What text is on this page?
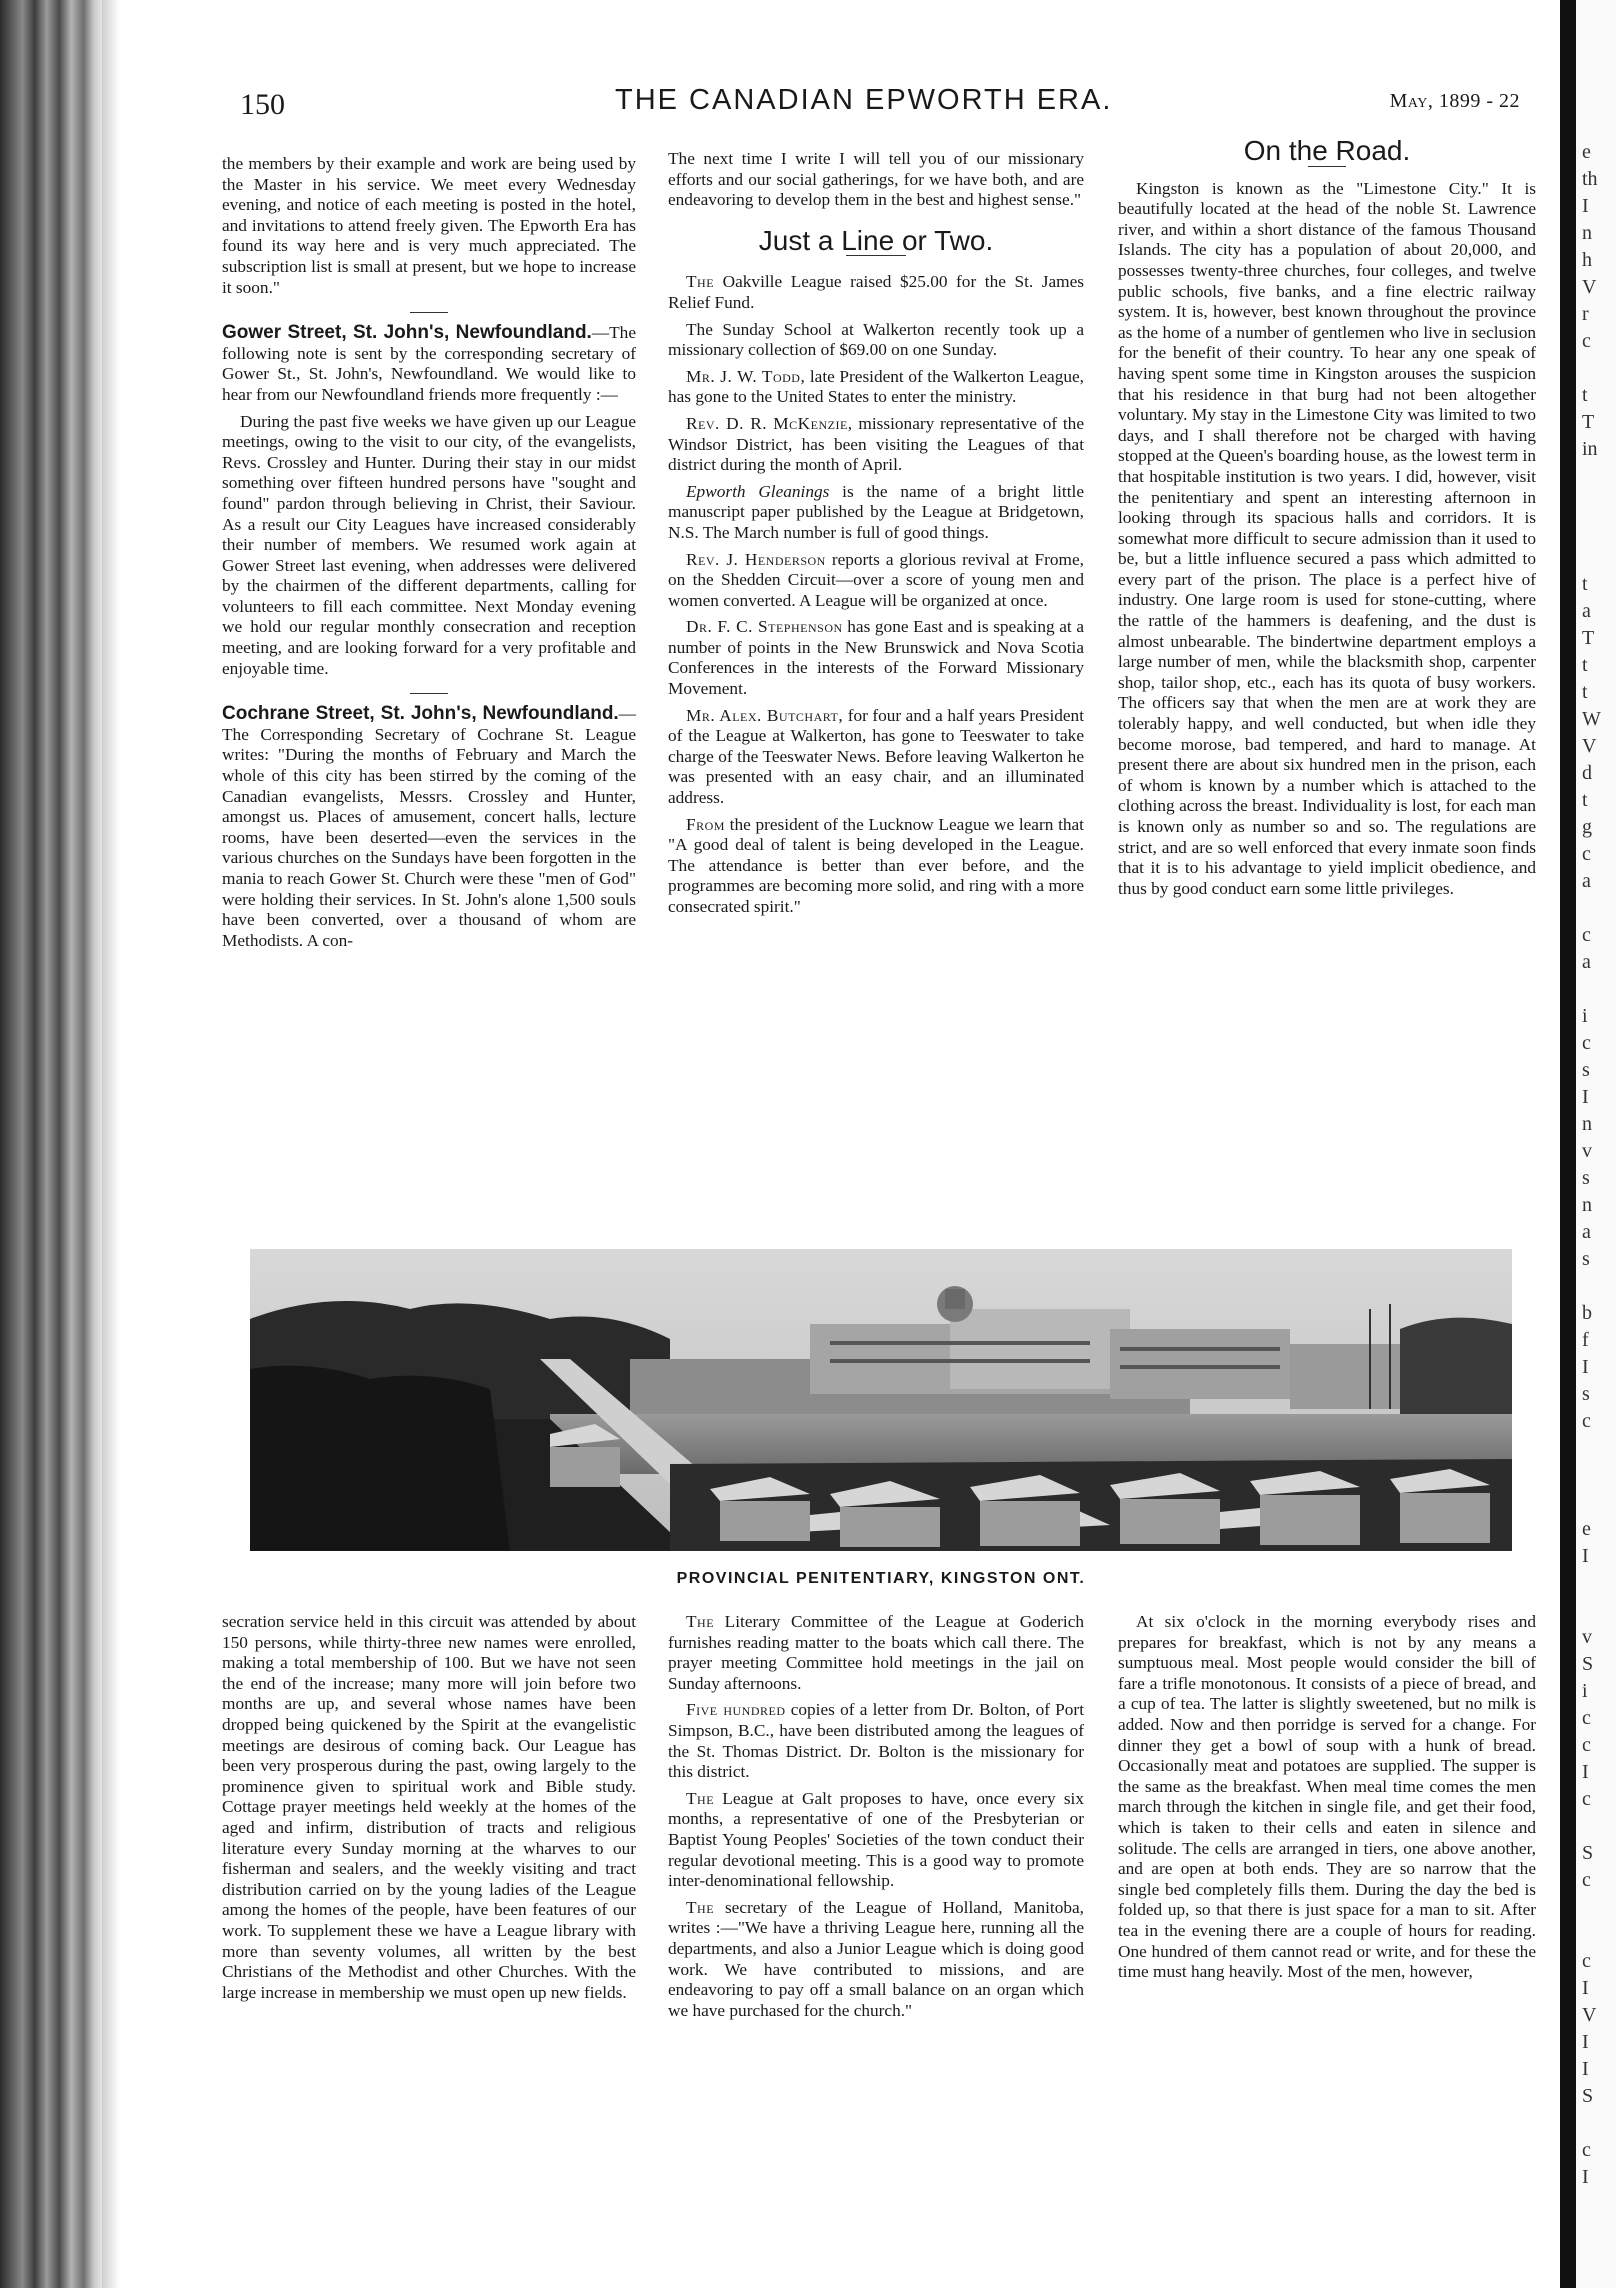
e
th
I
n
h
V
r
c
t
T
in
t
a
T
t
t
W
V
d
t
g
c
a
c
a
i
c
s
I
n
v
s
n
a
s
b
f
I
s
c
e
I
v
S
i
c
c
I
c
S
c
c
I
V
I
I
S
c
I
150	THE CANADIAN EPWORTH ERA.	May, 1899 - 22

the members by their example and work are being used by the Master in his service. We meet every Wednesday evening, and notice of each meeting is posted in the hotel, and invitations to attend freely given. The Epworth Era has found its way here and is very much appreciated. The subscription list is small at present, but we hope to increase it soon."

Gower Street, St. John's, Newfoundland.—The following note is sent by the corresponding secretary of Gower St., St. John's, Newfoundland. We would like to hear from our Newfoundland friends more frequently :—

During the past five weeks we have given up our League meetings, owing to the visit to our city, of the evangelists, Revs. Crossley and Hunter. During their stay in our midst something over fifteen hundred persons have "sought and found" pardon through believing in Christ, their Saviour. As a result our City Leagues have increased considerably their number of members. We resumed work again at Gower Street last evening, when addresses were delivered by the chairmen of the different departments, calling for volunteers to fill each committee. Next Monday evening we hold our regular monthly consecration and reception meeting, and are looking forward for a very profitable and enjoyable time.

Cochrane Street, St. John's, Newfoundland.—The Corresponding Secretary of Cochrane St. League writes: "During the months of February and March the whole of this city has been stirred by the coming of the Canadian evangelists, Messrs. Crossley and Hunter, amongst us. Places of amusement, concert halls, lecture rooms, have been deserted—even the services in the various churches on the Sundays have been forgotten in the mania to reach Gower St. Church were these "men of God" were holding their services. In St. John's alone 1,500 souls have been converted, over a thousand of whom are Methodists. A con-

The next time I write I will tell you of our missionary efforts and our social gatherings, for we have both, and are endeavoring to develop them in the best and highest sense."

Just a Line or Two.

The Oakville League raised $25.00 for the St. James Relief Fund.

The Sunday School at Walkerton recently took up a missionary collection of $69.00 on one Sunday.

Mr. J. W. Todd, late President of the Walkerton League, has gone to the United States to enter the ministry.

Rev. D. R. McKenzie, missionary representative of the Windsor District, has been visiting the Leagues of that district during the month of April.

Epworth Gleanings is the name of a bright little manuscript paper published by the League at Bridgetown, N.S. The March number is full of good things.

Rev. J. Henderson reports a glorious revival at Frome, on the Shedden Circuit—over a score of young men and women converted. A League will be organized at once.

Dr. F. C. Stephenson has gone East and is speaking at a number of points in the New Brunswick and Nova Scotia Conferences in the interests of the Forward Missionary Movement.

Mr. Alex. Butchart, for four and a half years President of the League at Walkerton, has gone to Teeswater to take charge of the Teeswater News. Before leaving Walkerton he was presented with an easy chair, and an illuminated address.

From the president of the Lucknow League we learn that "A good deal of talent is being developed in the League. The attendance is better than ever before, and the programmes are becoming more solid, and ring with a more consecrated spirit."

On the Road.

Kingston is known as the "Limestone City." It is beautifully located at the head of the noble St. Lawrence river, and within a short distance of the famous Thousand Islands. The city has a population of about 20,000, and possesses twenty-three churches, four colleges, and twelve public schools, five banks, and a fine electric railway system. It is, however, best known throughout the province as the home of a number of gentlemen who live in seclusion for the benefit of their country. To hear any one speak of having spent some time in Kingston arouses the suspicion that his residence in that burg had not been altogether voluntary. My stay in the Limestone City was limited to two days, and I shall therefore not be charged with having stopped at the Queen's boarding house, as the lowest term in that hospitable institution is two years. I did, however, visit the penitentiary and spent an interesting afternoon in looking through its spacious halls and corridors. It is somewhat more difficult to secure admission than it used to be, but a little influence secured a pass which admitted to every part of the prison. The place is a perfect hive of industry. One large room is used for stone-cutting, where the rattle of the hammers is deafening, and the dust is almost unbearable. The bindertwine department employs a large number of men, while the blacksmith shop, carpenter shop, tailor shop, etc., each has its quota of busy workers. The officers say that when the men are at work they are tolerably happy, and well conducted, but when idle they become morose, bad tempered, and hard to manage. At present there are about six hundred men in the prison, each of whom is known by a number which is attached to the clothing across the breast. Individuality is lost, for each man is known only as number so and so. The regulations are strict, and are so well enforced that every inmate soon finds that it is to his advantage to yield implicit obedience, and thus by good conduct earn some little privileges.

PROVINCIAL PENITENTIARY, KINGSTON ONT.

secration service held in this circuit was attended by about 150 persons, while thirty-three new names were enrolled, making a total membership of 100. But we have not seen the end of the increase; many more will join before two months are up, and several whose names have been dropped being quickened by the Spirit at the evangelistic meetings are desirous of coming back. Our League has been very prosperous during the past, owing largely to the prominence given to spiritual work and Bible study. Cottage prayer meetings held weekly at the homes of the aged and infirm, distribution of tracts and religious literature every Sunday morning at the wharves to our fisherman and sealers, and the weekly visiting and tract distribution carried on by the young ladies of the League among the homes of the people, have been features of our work. To supplement these we have a League library with more than seventy volumes, all written by the best Christians of the Methodist and other Churches. With the large increase in membership we must open up new fields.

The Literary Committee of the League at Goderich furnishes reading matter to the boats which call there. The prayer meeting Committee hold meetings in the jail on Sunday afternoons.

Five hundred copies of a letter from Dr. Bolton, of Port Simpson, B.C., have been distributed among the leagues of the St. Thomas District. Dr. Bolton is the missionary for this district.

The League at Galt proposes to have, once every six months, a representative of one of the Presbyterian or Baptist Young Peoples' Societies of the town conduct their regular devotional meeting. This is a good way to promote inter-denominational fellowship.

The secretary of the League of Holland, Manitoba, writes :—"We have a thriving League here, running all the departments, and also a Junior League which is doing good work. We have contributed to missions, and are endeavoring to pay off a small balance on an organ which we have purchased for the church."

At six o'clock in the morning everybody rises and prepares for breakfast, which is not by any means a sumptuous meal. Most people would consider the bill of fare a trifle monotonous. It consists of a piece of bread, and a cup of tea. The latter is slightly sweetened, but no milk is added. Now and then porridge is served for a change. For dinner they get a bowl of soup with a hunk of bread. Occasionally meat and potatoes are supplied. The supper is the same as the breakfast. When meal time comes the men march through the kitchen in single file, and get their food, which is taken to their cells and eaten in silence and solitude. The cells are arranged in tiers, one above another, and are open at both ends. They are so narrow that the single bed completely fills them. During the day the bed is folded up, so that there is just space for a man to sit. After tea in the evening there are a couple of hours for reading. One hundred of them cannot read or write, and for these the time must hang heavily. Most of the men, however,
